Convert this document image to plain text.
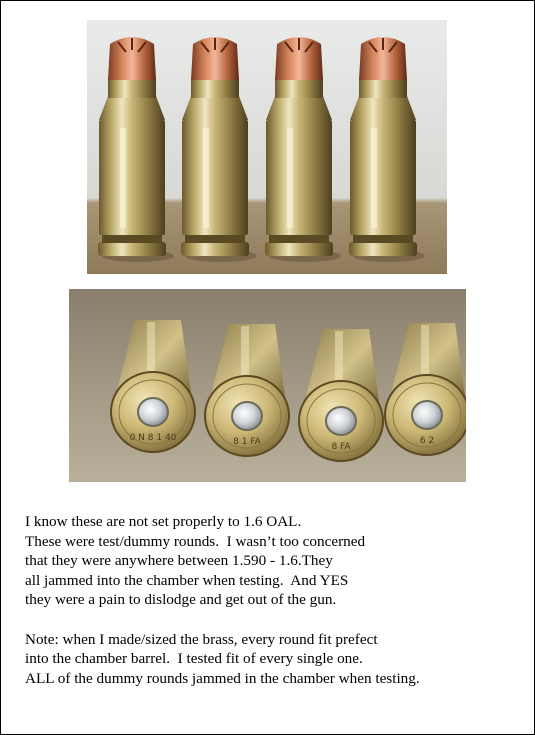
0 N 8 1 40	8 1 FA	8 FA
6 2

I know these are not set properly to 1.6 OAL.
These were test/dummy rounds.  I wasn’t too concerned
that they were anywhere between 1.590 - 1.6.They
all jammed into the chamber when testing.  And YES
they were a pain to dislodge and get out of the gun.

Note: when I made/sized the brass, every round fit prefect
into the chamber barrel.  I tested fit of every single one.
ALL of the dummy rounds jammed in the chamber when testing.
